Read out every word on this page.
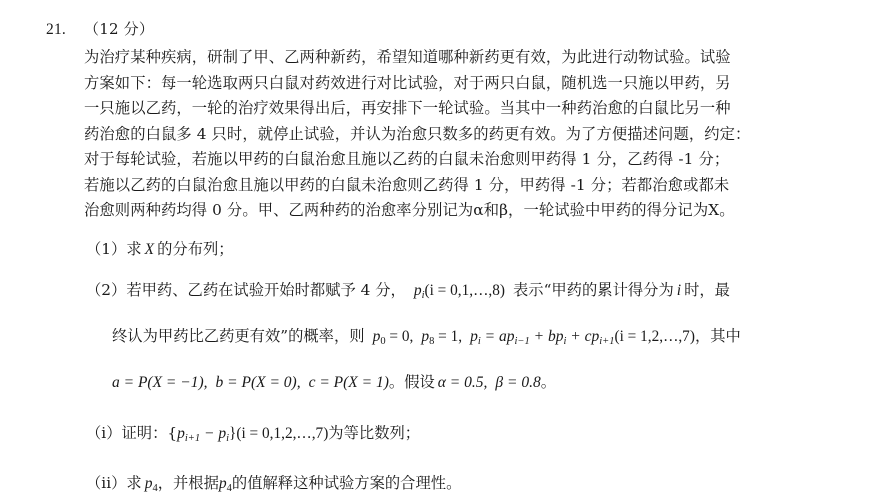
21.	（12 分）
为治疗某种疾病，研制了甲、乙两种新药，希望知道哪种新药更有效，为此进行动物试验。试验
方案如下：每一轮选取两只白鼠对药效进行对比试验，对于两只白鼠，随机选一只施以甲药，另
一只施以乙药，一轮的治疗效果得出后，再安排下一轮试验。当其中一种药治愈的白鼠比另一种
药治愈的白鼠多 4 只时，就停止试验，并认为治愈只数多的药更有效。为了方便描述问题，约定：
对于每轮试验，若施以甲药的白鼠治愈且施以乙药的白鼠未治愈则甲药得 1 分，乙药得 -1 分；
若施以乙药的白鼠治愈且施以甲药的白鼠未治愈则乙药得 1 分，甲药得 -1 分；若都治愈或都未
治愈则两种药均得 0 分。甲、乙两种药的治愈率分别记为α和β，一轮试验中甲药的得分记为X。
（1）求 X 的分布列；
（2）若甲药、乙药在试验开始时都赋予 4 分， $p_i(i$ = 0,1,…,8) 表示“甲药的累计得分为 i 时，最
终认为甲药比乙药更有效”的概率，则 p0 = 0, p8 = 1, $p_i = ap_{i-1} + bp_i + cp_{i+1}(i$ = 1,2,…,7)，其中
a = P(X = −1), b = P(X = 0), c = P(X = 1)。假设 α = 0.5, β = 0.8。
（i）证明：$\{p_{i+1} - p_i\}(i$ = 0,1,2,…,7)为等比数列；
（ii）求 p4，并根据p4的值解释这种试验方案的合理性。
